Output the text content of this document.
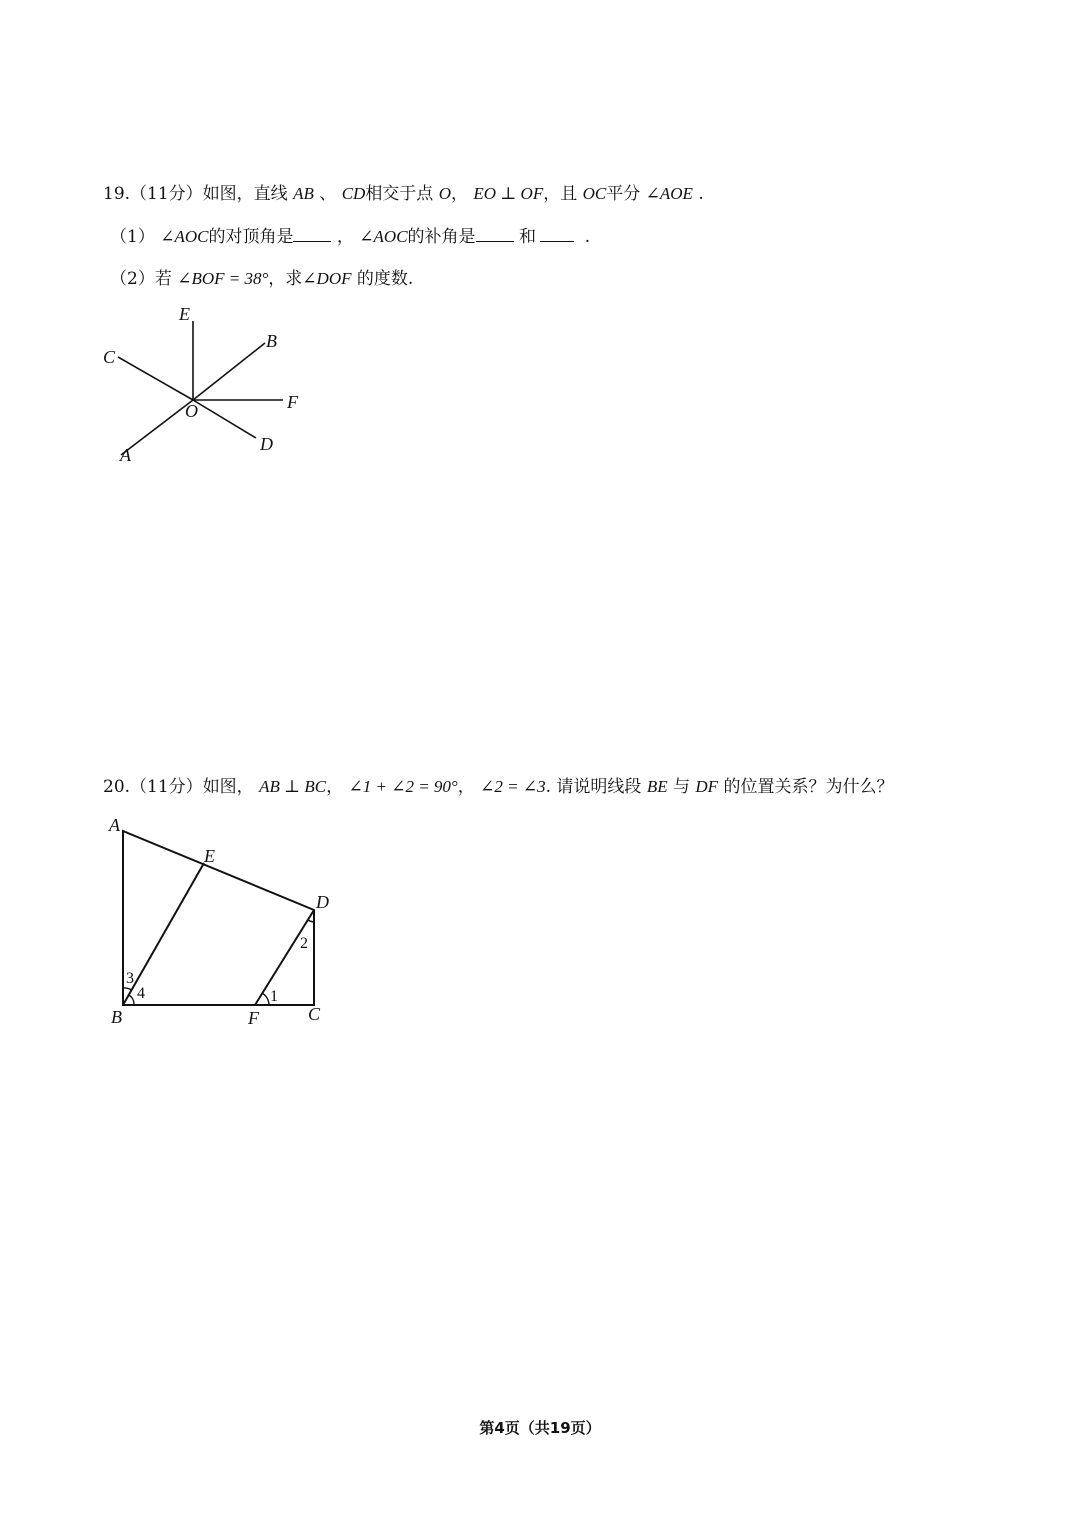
19.（11分）如图，直线 AB 、 CD相交于点 O， EO ⊥ OF，且 OC平分 ∠AOE .
（1） ∠AOC的对顶角是	， ∠AOC的补角是	和	.
（2）若 ∠BOF = 38°，求∠DOF 的度数.
E
B
C
F
O
A
D
20.（11分）如图， AB ⊥ BC， ∠1 + ∠2 = 90°， ∠2 = ∠3. 请说明线段 BE 与 DF 的位置关系？为什么？
A
E
D
B	F	C
3
4
2
1
第4页（共19页）
